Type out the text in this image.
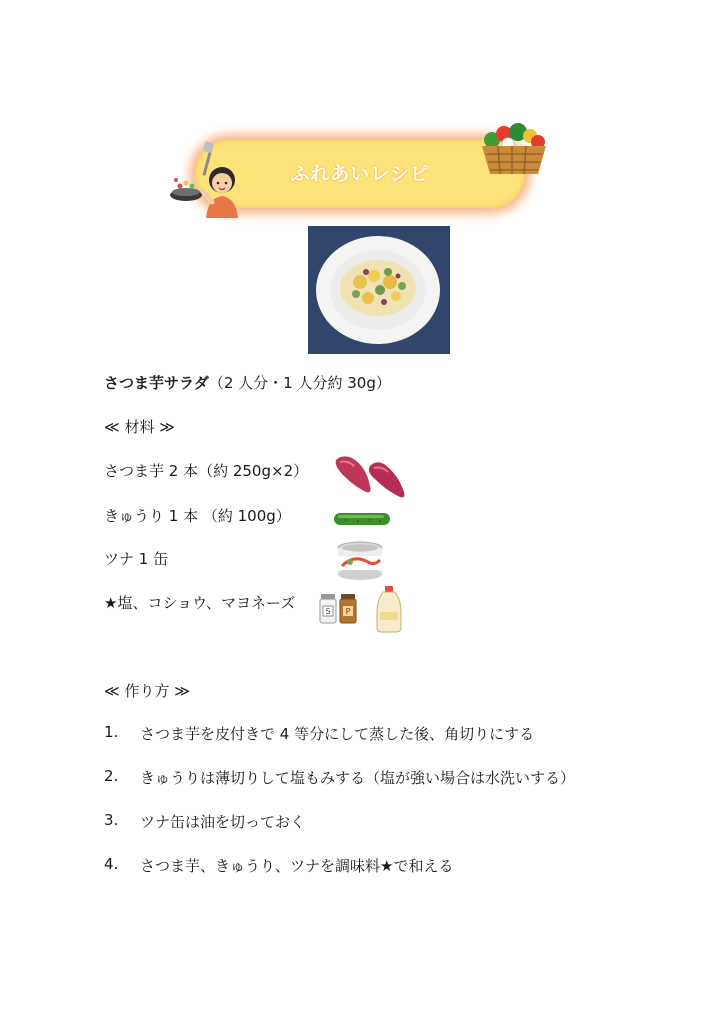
ふれあいレシピ
さつま芋サラダ（2 人分・1 人分約 30g）
≪ 材料 ≫
さつま芋 2 本（約 250g×2）
きゅうり 1 本 （約 100g）
ツナ 1 缶
★塩、コショウ、マヨネーズ	S P
≪ 作り方 ≫
1. さつま芋を皮付きで 4 等分にして蒸した後、角切りにする
2. きゅうりは薄切りして塩もみする（塩が強い場合は水洗いする）
3. ツナ缶は油を切っておく
4. さつま芋、きゅうり、ツナを調味料★で和える
